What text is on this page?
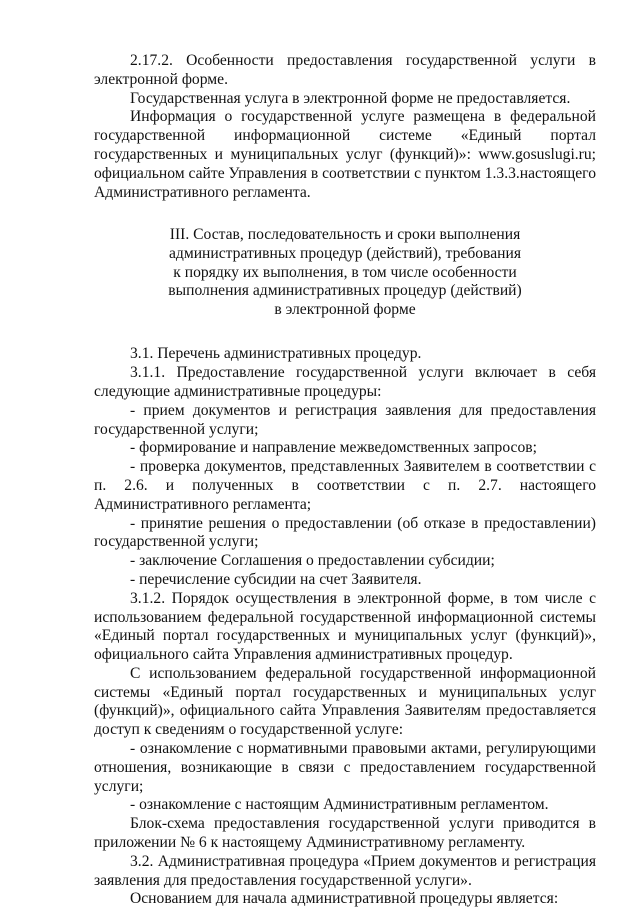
2.17.2. Особенности предоставления государственной услуги в электронной форме.

Государственная услуга в электронной форме не предоставляется.

Информация о государственной услуге размещена в федеральной государственной информационной системе «Единый портал государственных и муниципальных услуг (функций)»: www.gosuslugi.ru; официальном сайте Управления в соответствии с пунктом 1.3.3.настоящего Административного регламента.

III. Состав, последовательность и сроки выполнения
административных процедур (действий), требования
к порядку их выполнения, в том числе особенности
выполнения административных процедур (действий)
в электронной форме

3.1. Перечень административных процедур.

3.1.1. Предоставление государственной услуги включает в себя следующие административные процедуры:

- прием документов и регистрация заявления для предоставления государственной услуги;

- формирование и направление межведомственных запросов;

- проверка документов, представленных Заявителем в соответствии с п. 2.6. и полученных в соответствии с п. 2.7. настоящего Административного регламента;

- принятие решения о предоставлении (об отказе в предоставлении) государственной услуги;

- заключение Соглашения о предоставлении субсидии;

- перечисление субсидии на счет Заявителя.

3.1.2. Порядок осуществления в электронной форме, в том числе с использованием федеральной государственной информационной системы «Единый портал государственных и муниципальных услуг (функций)», официального сайта Управления административных процедур.

С использованием федеральной государственной информационной системы «Единый портал государственных и муниципальных услуг (функций)», официального сайта Управления Заявителям предоставляется доступ к сведениям о государственной услуге:

- ознакомление с нормативными правовыми актами, регулирующими отношения, возникающие в связи с предоставлением государственной услуги;

- ознакомление с настоящим Административным регламентом.

Блок-схема предоставления государственной услуги приводится в приложении № 6 к настоящему Административному регламенту.

3.2. Административная процедура «Прием документов и регистрация заявления для предоставления государственной услуги».

Основанием для начала административной процедуры является:
